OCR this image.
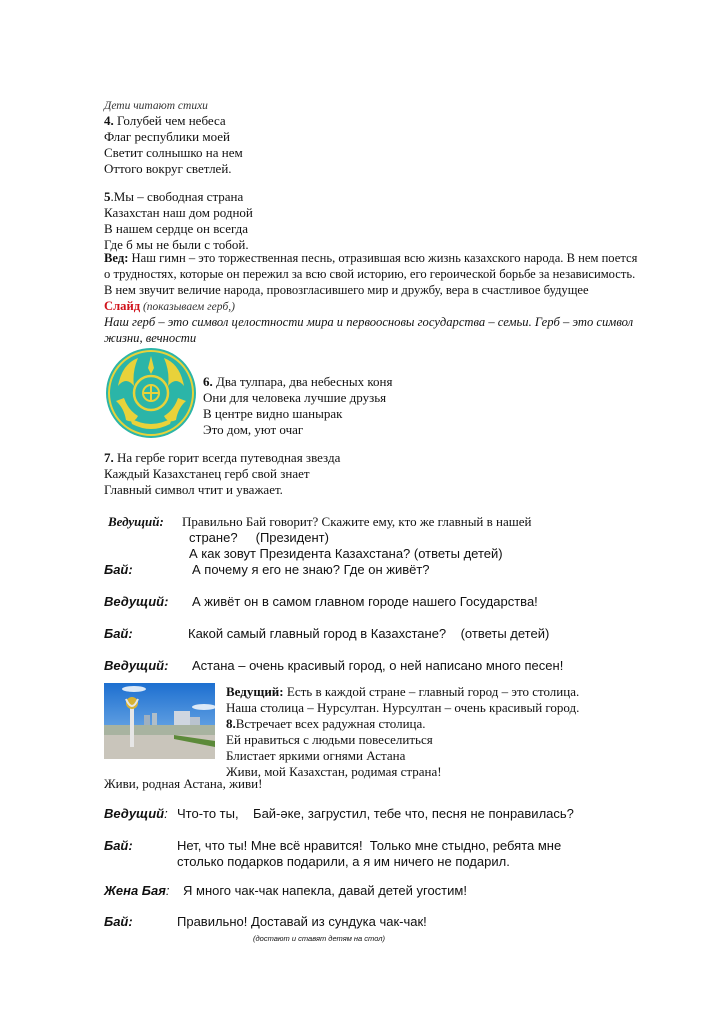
Дети читают стихи
4. Голубей чем небеса
Флаг республики моей
Светит солнышко на нем
Оттого вокруг светлей.
5.Мы – свободная страна
Казахстан наш дом родной
В нашем сердце он всегда
Где б мы не были с тобой.
Вед: Наш гимн – это торжественная песнь, отразившая всю жизнь казахского народа. В нем поется
о трудностях, которые он пережил за всю свой историю, его героической борьбе за независимость.
В нем звучит величие народа, провозгласившего мир и дружбу, вера в счастливое будущее
Слайд (показываем герб,)
Наш герб – это символ целостности мира и первоосновы государства – семьи. Герб – это символ
жизни, вечности
6. Два тулпара, два небесных коня
Они для человека лучшие друзья
В центре видно шанырак
Это дом, уют очаг
7. На гербе горит всегда путеводная звезда
Каждый Казахстанец герб свой знает
Главный символ чтит и уважает.
Ведущий: Правильно Бай говорит? Скажите ему, кто же главный в нашей
стране?     (Президент)
А как зовут Президента Казахстана? (ответы детей)
Бай:	А почему я его не знаю? Где он живёт?
Ведущий: А живёт он в самом главном городе нашего Государства!
Бай:	Какой самый главный город в Казахстане?    (ответы детей)
Ведущий: Астана – очень красивый город, о ней написано много песен!
Ведущий: Есть в каждой стране – главный город – это столица.
Наша столица – Нурсултан. Нурсултан – очень красивый город.
8.Встречает всех радужная столица.
Ей нравиться с людьми повеселиться
Блистает яркими огнями Астана
Живи, мой Казахстан, родимая страна!
Живи, родная Астана, живи!
Ведущий: Что-то ты,    Бай-әке, загрустил, тебе что, песня не понравилась?
Бай:	Нет, что ты! Мне всё нравится!  Только мне стыдно, ребята мне
столько подарков подарили, а я им ничего не подарил.
Жена Бая: Я много чак-чак напекла, давай детей угостим!
Бай:	Правильно! Доставай из сундука чак-чак!
(достают и ставят детям на стол)
